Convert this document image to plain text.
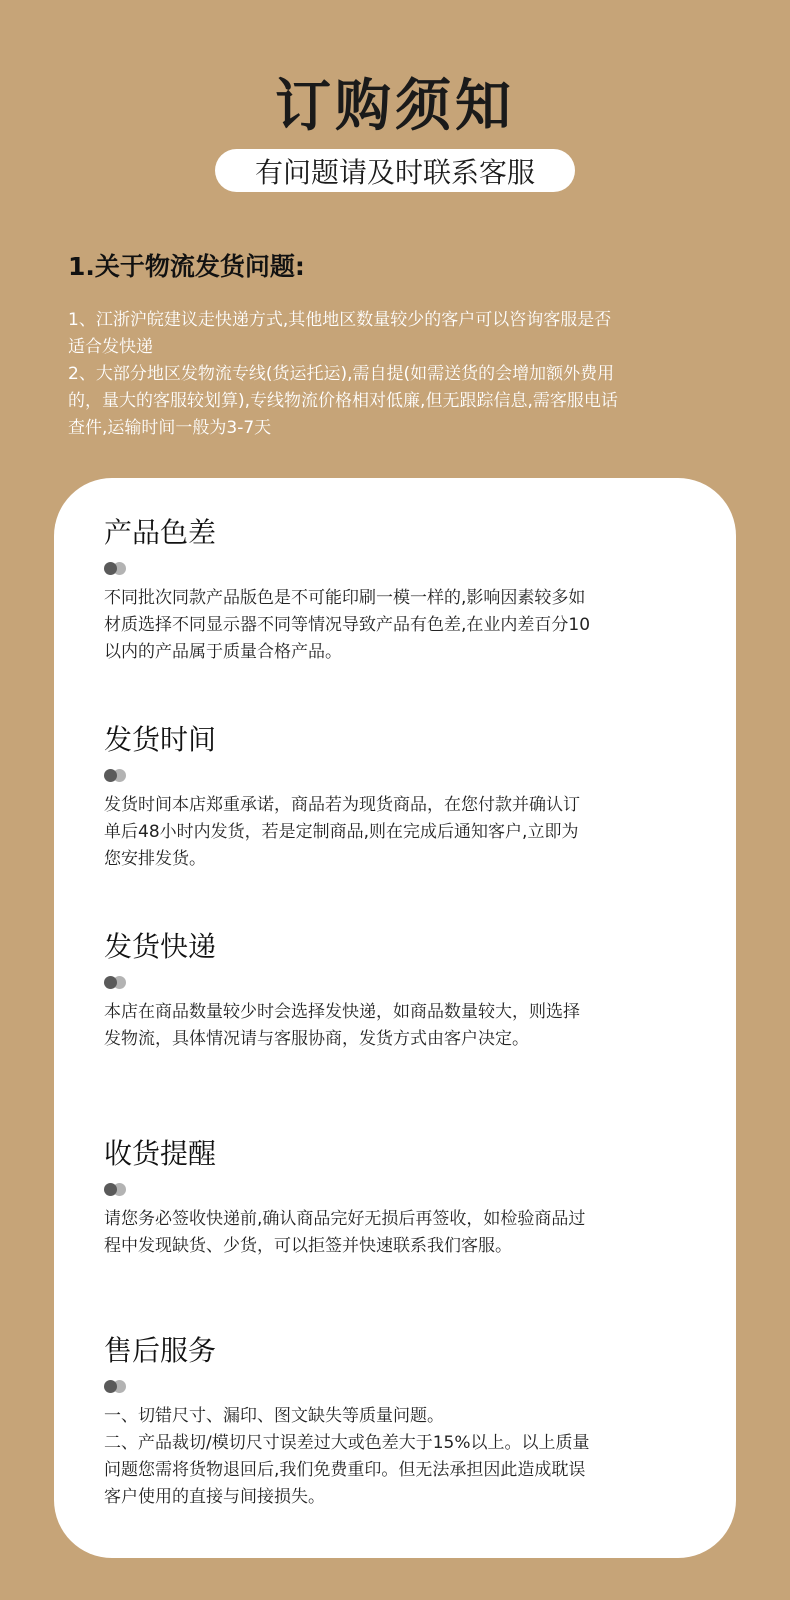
订购须知
有问题请及时联系客服
1.关于物流发货问题:
1、江浙沪皖建议走快递方式,其他地区数量较少的客户可以咨询客服是否
适合发快递
2、大部分地区发物流专线(货运托运),需自提(如需送货的会增加额外费用
的，量大的客服较划算),专线物流价格相对低廉,但无跟踪信息,需客服电话
查件,运输时间一般为3-7天
产品色差
不同批次同款产品版色是不可能印刷一模一样的,影响因素较多如
材质选择不同显示器不同等情况导致产品有色差,在业内差百分10
以内的产品属于质量合格产品。
发货时间
发货时间本店郑重承诺，商品若为现货商品，在您付款并确认订
单后48小时内发货，若是定制商品,则在完成后通知客户,立即为
您安排发货。
发货快递
本店在商品数量较少时会选择发快递，如商品数量较大，则选择
发物流，具体情况请与客服协商，发货方式由客户决定。
收货提醒
请您务必签收快递前,确认商品完好无损后再签收，如检验商品过
程中发现缺货、少货，可以拒签并快速联系我们客服。
售后服务
一、切错尺寸、漏印、图文缺失等质量问题。
二、产品裁切/模切尺寸误差过大或色差大于15%以上。以上质量
问题您需将货物退回后,我们免费重印。但无法承担因此造成耽误
客户使用的直接与间接损失。
